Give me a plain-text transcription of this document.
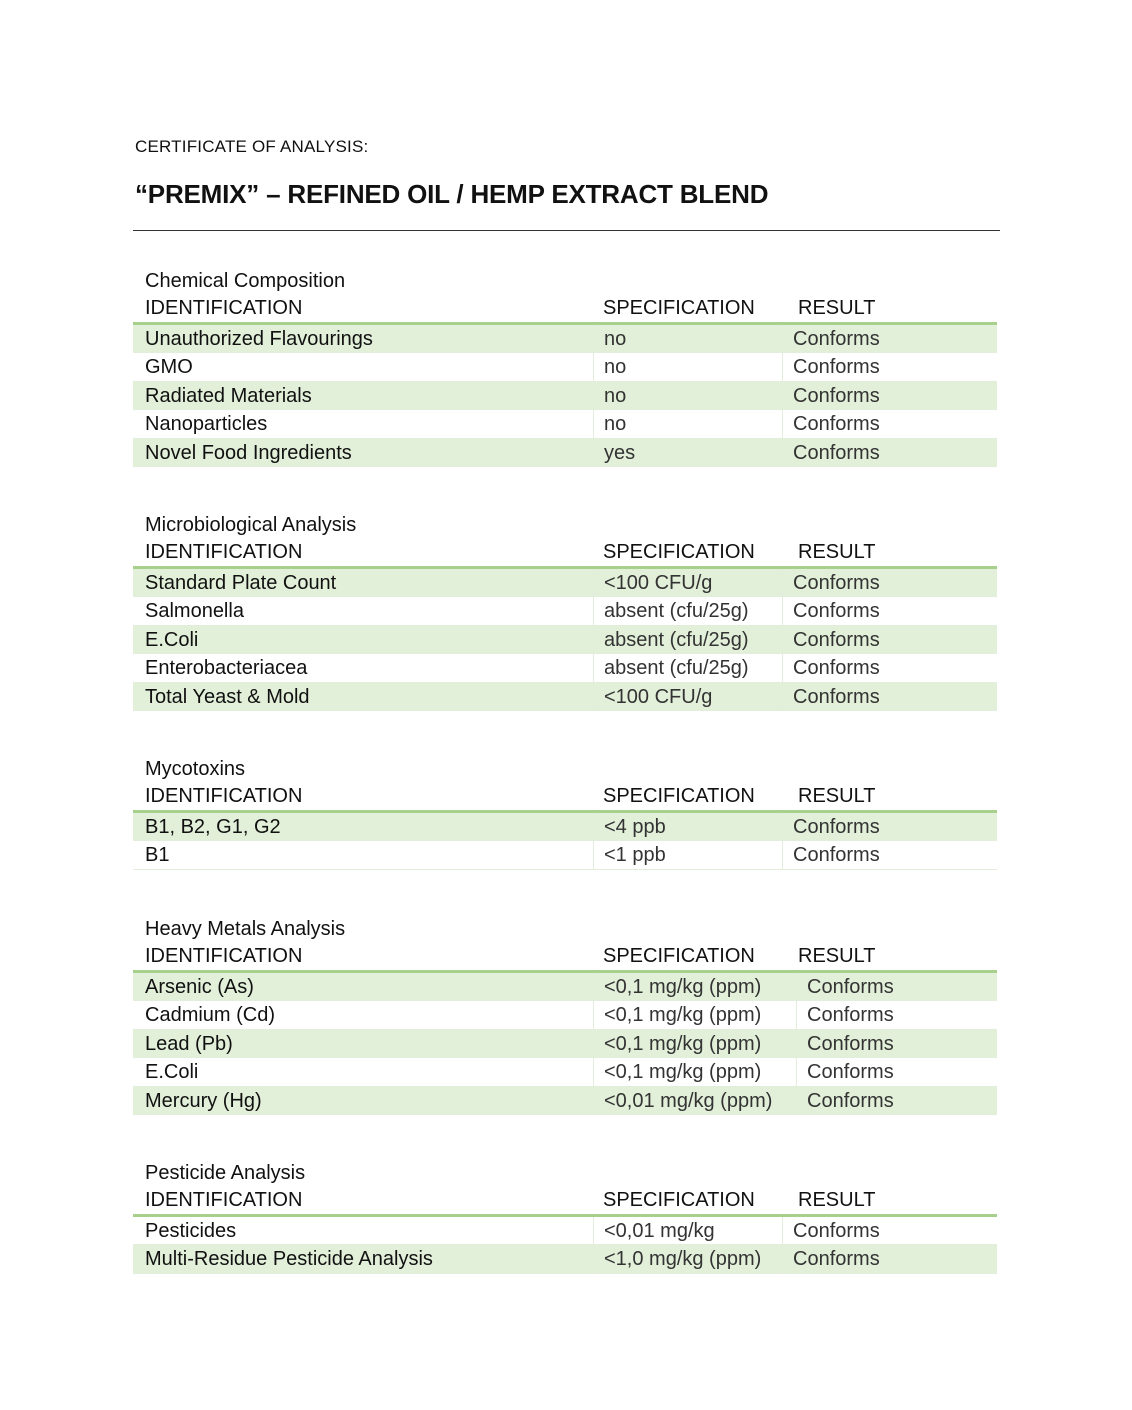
CERTIFICATE OF ANALYSIS:
“PREMIX” – REFINED OIL / HEMP EXTRACT BLEND
Chemical Composition
IDENTIFICATION	SPECIFICATION RESULT
Unauthorized Flavourings	no	Conforms
GMO	no	Conforms
Radiated Materials	no	Conforms
Nanoparticles	no	Conforms
Novel Food Ingredients	yes	Conforms
Microbiological Analysis
IDENTIFICATION	SPECIFICATION RESULT
Standard Plate Count	<100 CFU/g	Conforms
Salmonella	absent (cfu/25g)	Conforms
E.Coli	absent (cfu/25g)	Conforms
Enterobacteriacea	absent (cfu/25g)	Conforms
Total Yeast & Mold	<100 CFU/g	Conforms
Mycotoxins
IDENTIFICATION	SPECIFICATION RESULT
B1, B2, G1, G2	<4 ppb	Conforms
B1	<1 ppb	Conforms
Heavy Metals Analysis
IDENTIFICATION	SPECIFICATION RESULT
Arsenic (As)	<0,1 mg/kg (ppm)	Conforms
Cadmium (Cd)	<0,1 mg/kg (ppm)	Conforms
Lead (Pb)	<0,1 mg/kg (ppm)	Conforms
E.Coli	<0,1 mg/kg (ppm)	Conforms
Mercury (Hg)	<0,01 mg/kg (ppm)	Conforms
Pesticide Analysis
IDENTIFICATION	SPECIFICATION RESULT
Pesticides	<0,01 mg/kg	Conforms
Multi-Residue Pesticide Analysis	<1,0 mg/kg (ppm)	Conforms
